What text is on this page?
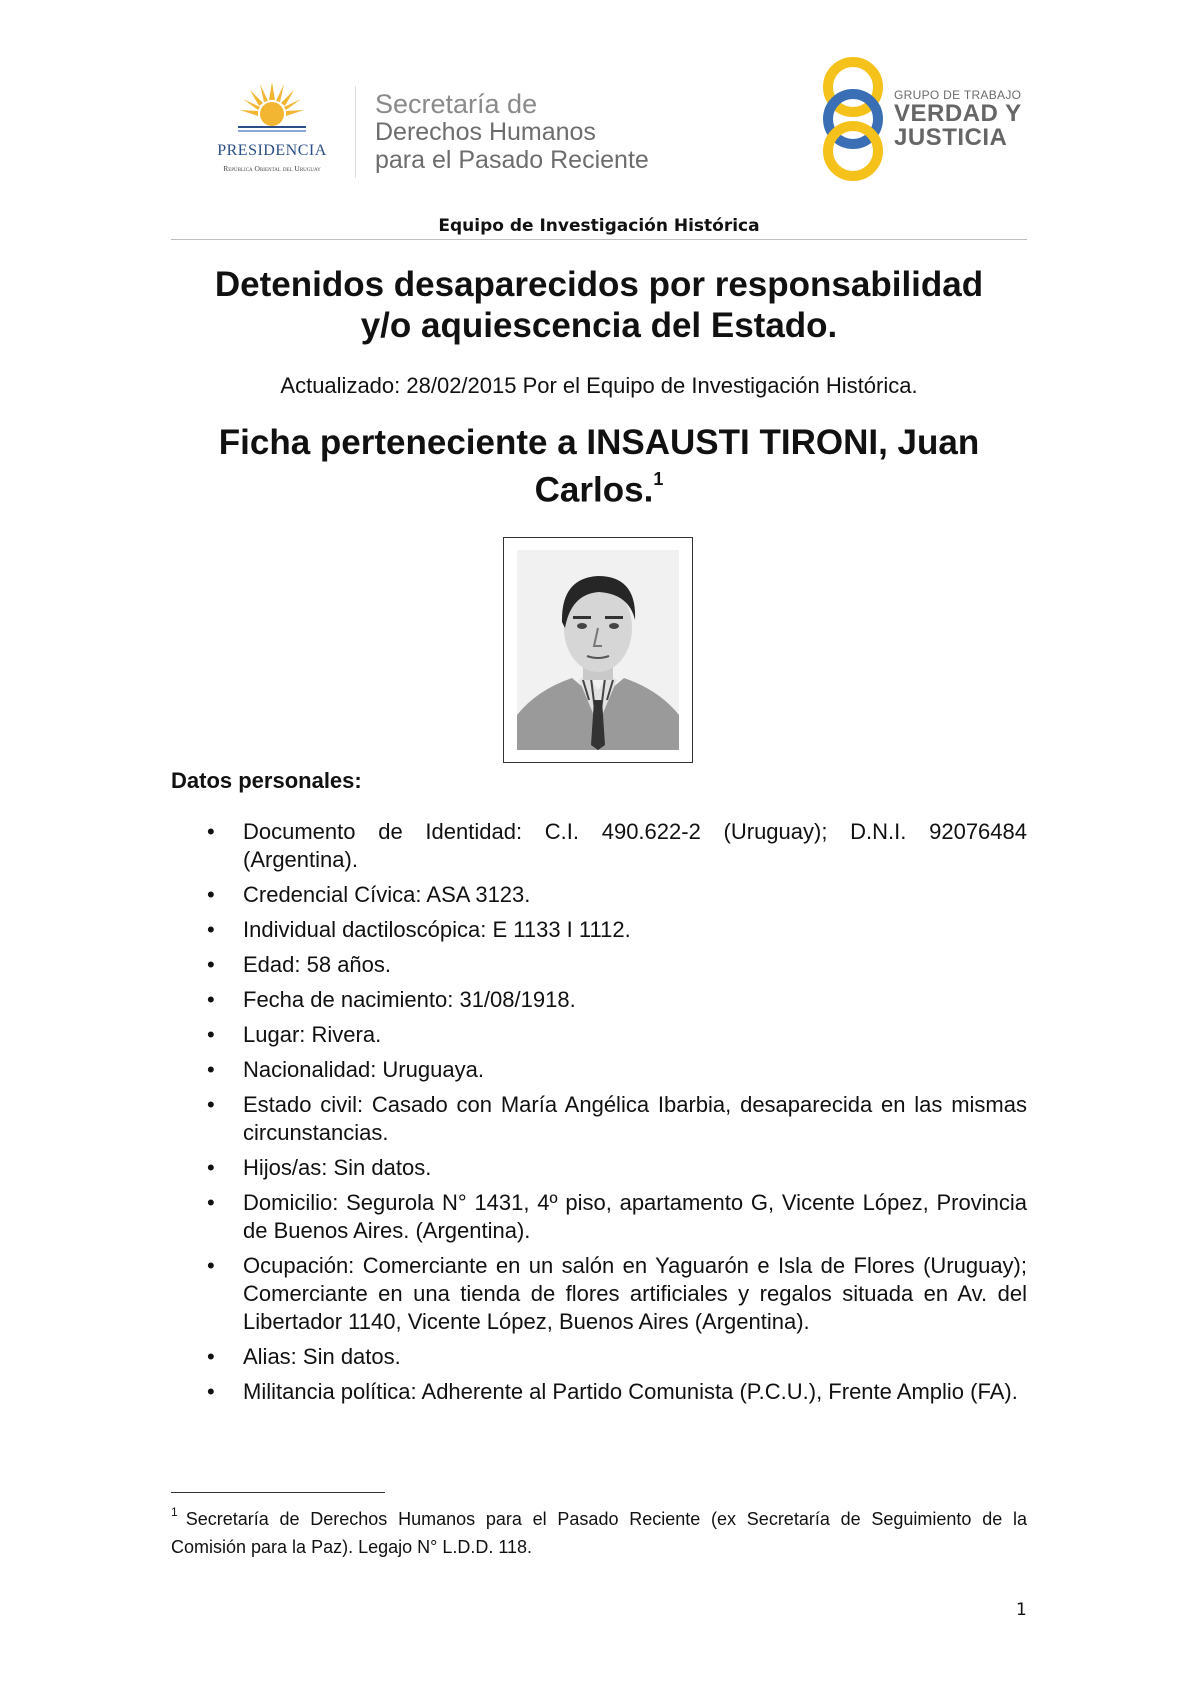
PRESIDENCIA
República Oriental del Uruguay
Secretaría de
Derechos Humanos
para el Pasado Reciente
GRUPO DE TRABAJO
VERDAD Y
JUSTICIA
Equipo de Investigación Histórica
Detenidos desaparecidos por responsabilidad
y/o aquiescencia del Estado.
Actualizado: 28/02/2015 Por el Equipo de Investigación Histórica.
Ficha perteneciente a INSAUSTI TIRONI, Juan
Carlos.$^1$
Datos personales:
• Documento de Identidad: C.I. 490.622-2 (Uruguay); D.N.I. 92076484 (Argentina).
• Credencial Cívica: ASA 3123.
• Individual dactiloscópica: E 1133 I 1112.
• Edad: 58 años.
• Fecha de nacimiento: 31/08/1918.
• Lugar: Rivera.
• Nacionalidad: Uruguaya.
• Estado civil: Casado con María Angélica Ibarbia, desaparecida en las mismas circunstancias.
• Hijos/as: Sin datos.
• Domicilio: Segurola N° 1431, 4º piso, apartamento G, Vicente López, Provincia de Buenos Aires. (Argentina).
• Ocupación: Comerciante en un salón en Yaguarón e Isla de Flores (Uruguay); Comerciante en una tienda de flores artificiales y regalos situada en Av. del Libertador 1140, Vicente López, Buenos Aires (Argentina).
• Alias: Sin datos.
• Militancia política: Adherente al Partido Comunista (P.C.U.), Frente Amplio (FA).
$^1$ Secretaría de Derechos Humanos para el Pasado Reciente (ex Secretaría de Seguimiento de la Comisión para la Paz). Legajo N° L.D.D. 118.
1
